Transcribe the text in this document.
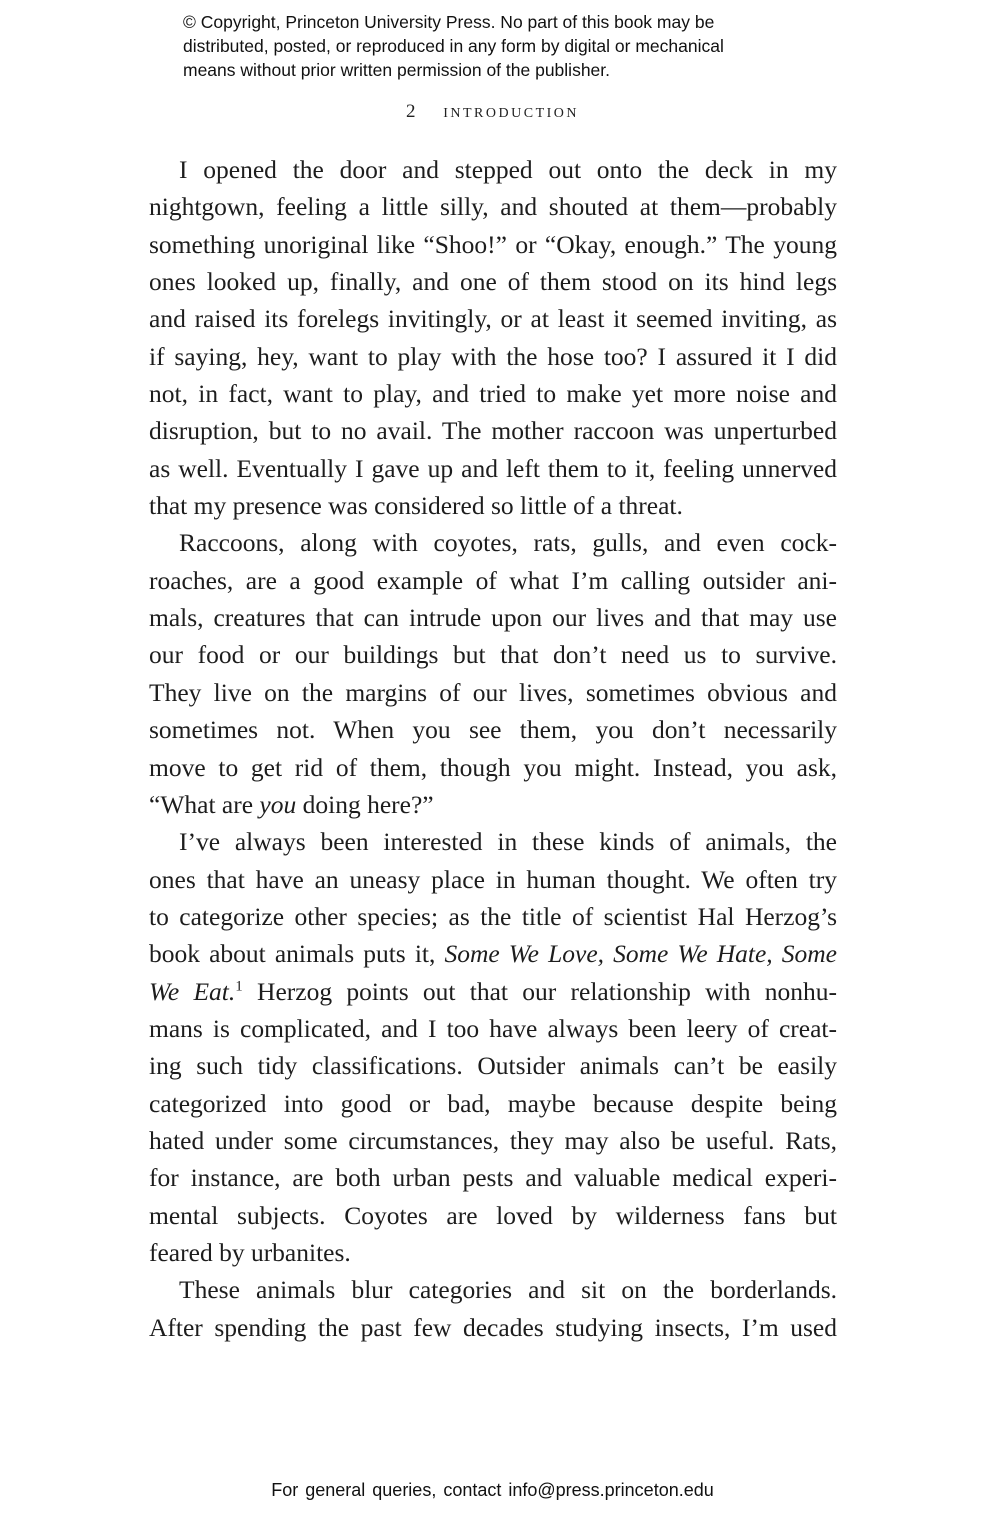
© Copyright, Princeton University Press. No part of this book may be
distributed, posted, or reproduced in any form by digital or mechanical
means without prior written permission of the publisher.
2 introduction
I opened the door and stepped out onto the deck in my
nightgown, feeling a little silly, and shouted at them—probably
something unoriginal like “Shoo!” or “Okay, enough.” The young
ones looked up, finally, and one of them stood on its hind legs
and raised its forelegs invitingly, or at least it seemed inviting, as
if saying, hey, want to play with the hose too? I assured it I did
not, in fact, want to play, and tried to make yet more noise and
disruption, but to no avail. The mother raccoon was unperturbed
as well. Eventually I gave up and left them to it, feeling unnerved
that my presence was considered so little of a threat.
Raccoons, along with coyotes, rats, gulls, and even cock-
roaches, are a good example of what I’m calling outsider ani-
mals, creatures that can intrude upon our lives and that may use
our food or our buildings but that don’t need us to survive.
They live on the margins of our lives, sometimes obvious and
sometimes not. When you see them, you don’t necessarily
move to get rid of them, though you might. Instead, you ask,
“What are you doing here?”
I’ve always been interested in these kinds of animals, the
ones that have an uneasy place in human thought. We often try
to categorize other species; as the title of scientist Hal Herzog’s
book about animals puts it, Some We Love, Some We Hate, Some
We Eat.$^1$ Herzog points out that our relationship with nonhu-
mans is complicated, and I too have always been leery of creat-
ing such tidy classifications. Outsider animals can’t be easily
categorized into good or bad, maybe because despite being
hated under some circumstances, they may also be useful. Rats,
for instance, are both urban pests and valuable medical experi-
mental subjects. Coyotes are loved by wilderness fans but
feared by urbanites.
These animals blur categories and sit on the borderlands.
After spending the past few decades studying insects, I’m used
For general queries, contact info@press.princeton.edu
